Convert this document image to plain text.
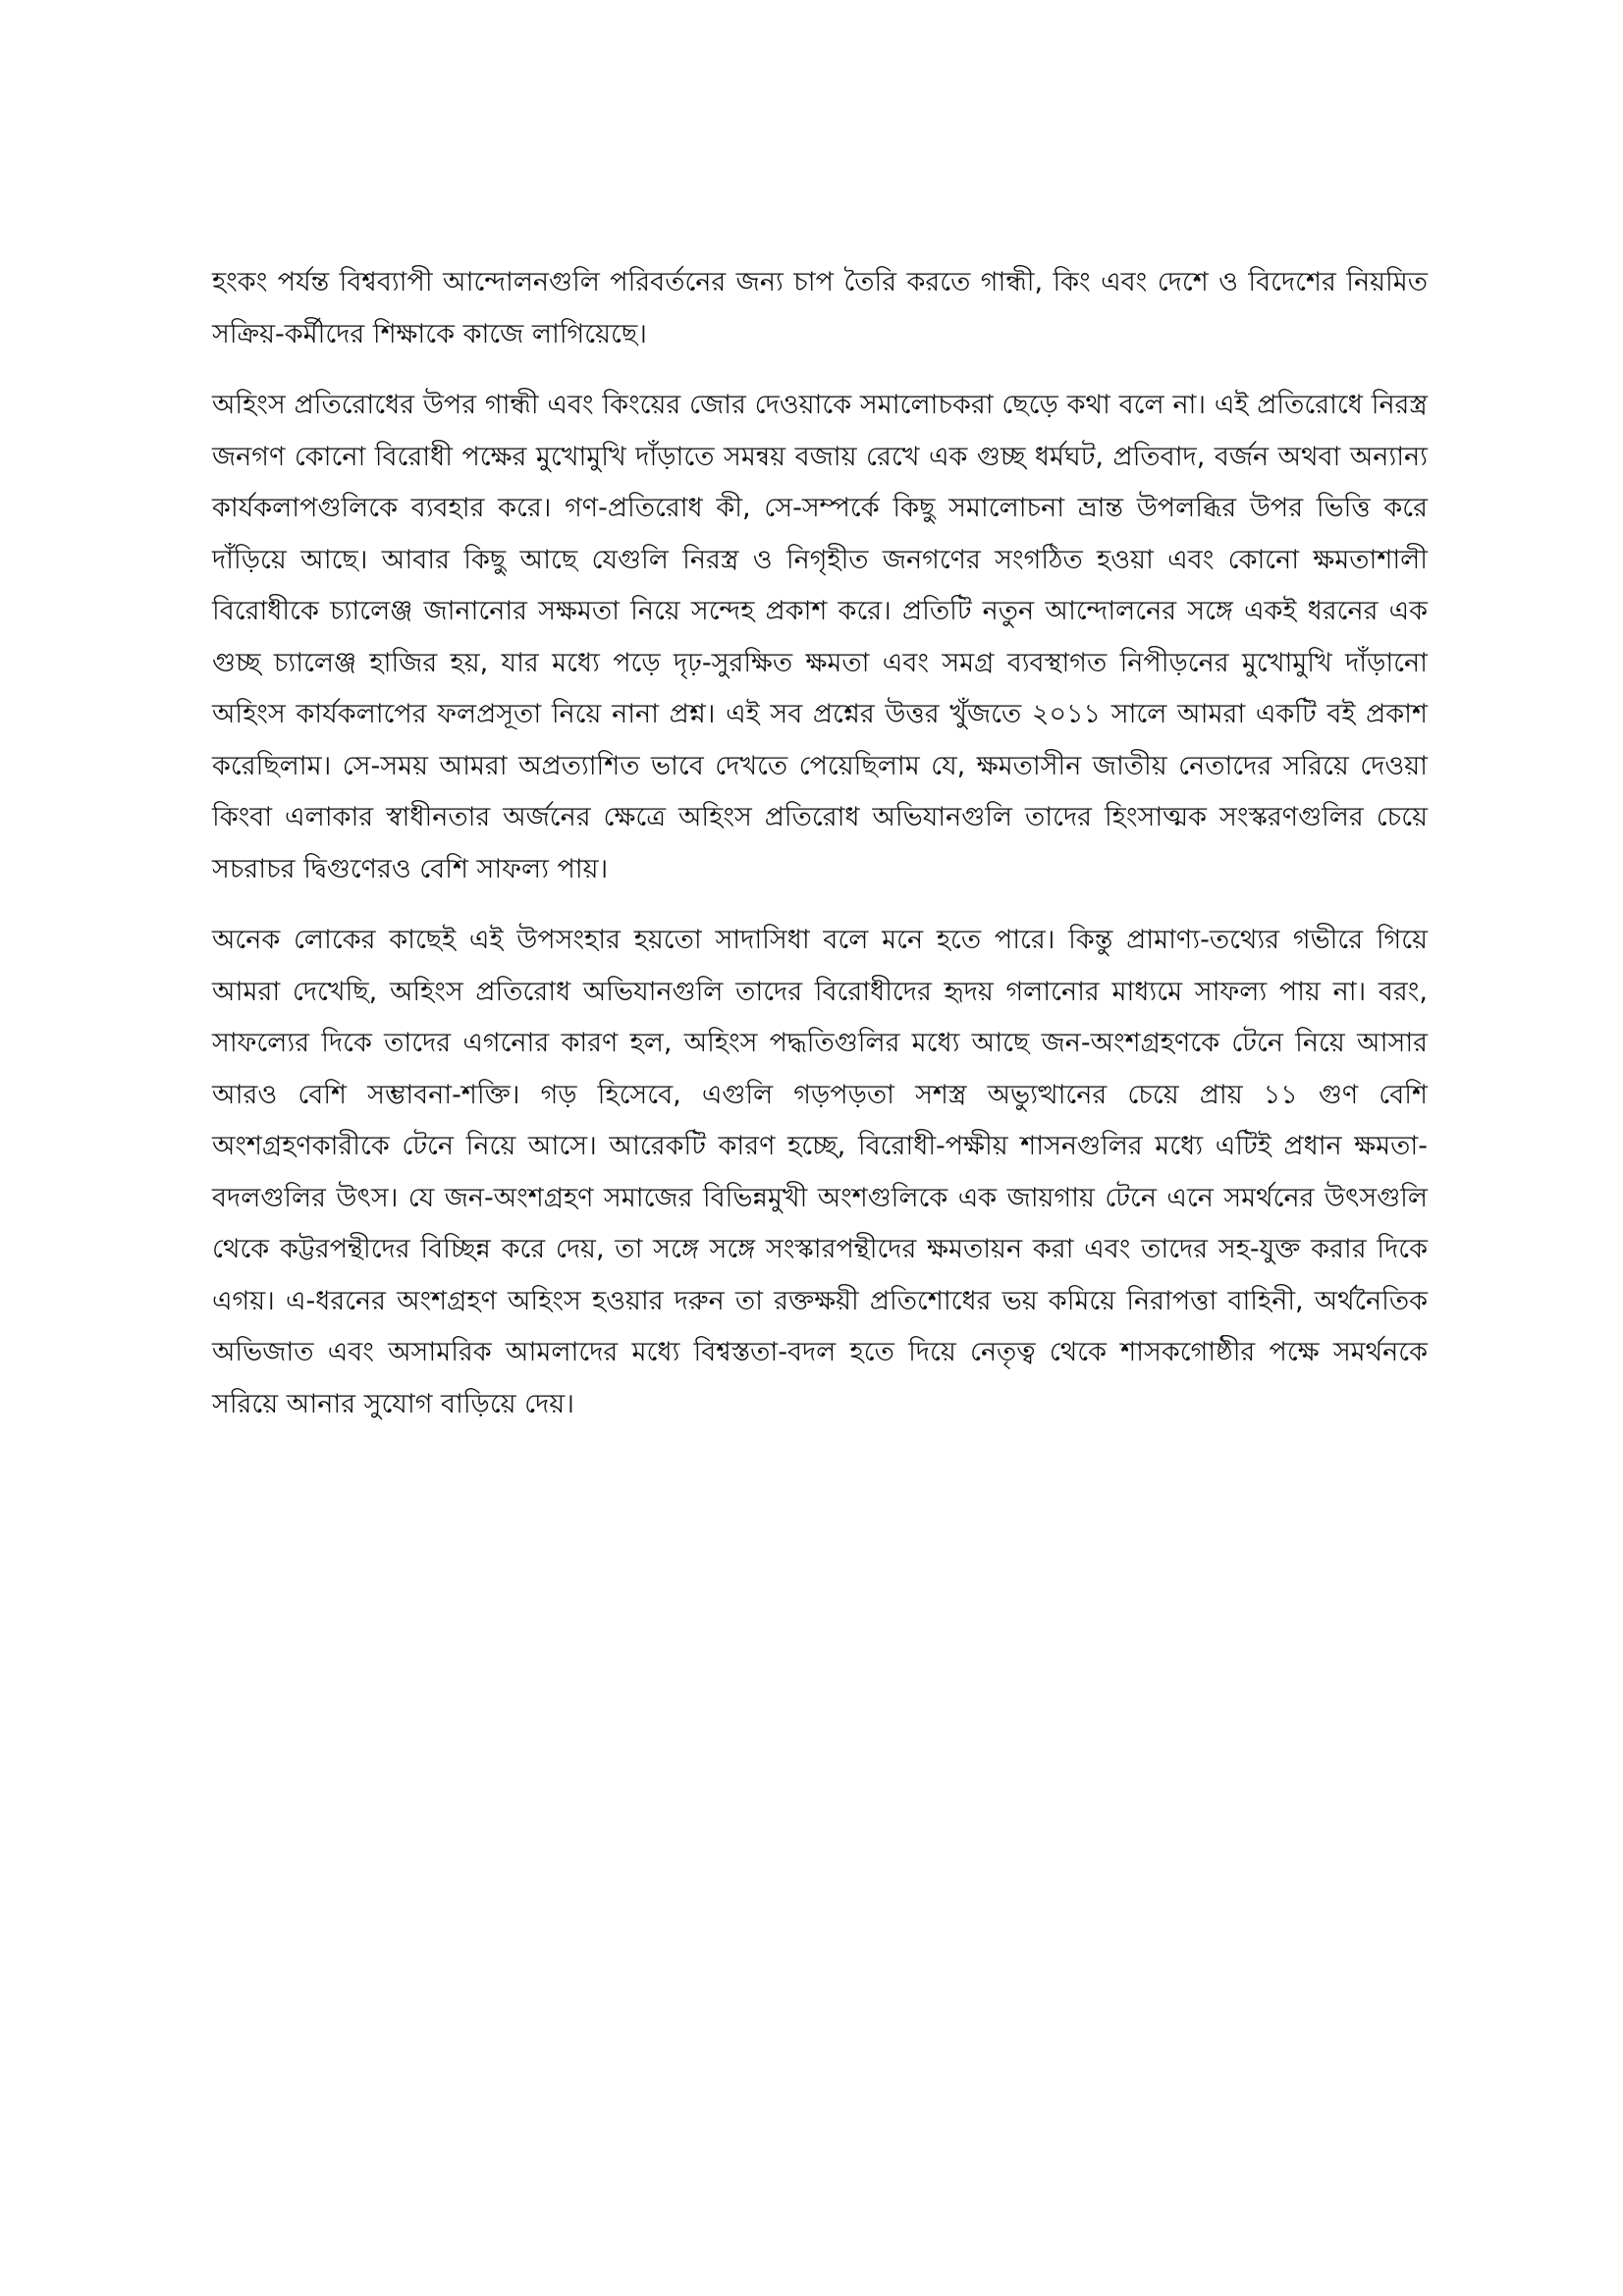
হংকং পর্যন্ত বিশ্বব্যাপী আন্দোলনগুলি পরিবর্তনের জন্য চাপ তৈরি করতে গান্ধী, কিং এবং দেশে ও বিদেশের নিয়মিত সক্রিয়-কর্মীদের শিক্ষাকে কাজে লাগিয়েছে।

অহিংস প্রতিরোধের উপর গান্ধী এবং কিংয়ের জোর দেওয়াকে সমালোচকরা ছেড়ে কথা বলে না। এই প্রতিরোধে নিরস্ত্র জনগণ কোনো বিরোধী পক্ষের মুখোমুখি দাঁড়াতে সমন্বয় বজায় রেখে এক গুচ্ছ ধর্মঘট, প্রতিবাদ, বর্জন অথবা অন্যান্য কার্যকলাপগুলিকে ব্যবহার করে। গণ-প্রতিরোধ কী, সে-সম্পর্কে কিছু সমালোচনা ভ্রান্ত উপলব্ধির উপর ভিত্তি করে দাঁড়িয়ে আছে। আবার কিছু আছে যেগুলি নিরস্ত্র ও নিগৃহীত জনগণের সংগঠিত হওয়া এবং কোনো ক্ষমতাশালী বিরোধীকে চ্যালেঞ্জ জানানোর সক্ষমতা নিয়ে সন্দেহ প্রকাশ করে। প্রতিটি নতুন আন্দোলনের সঙ্গে একই ধরনের এক গুচ্ছ চ্যালেঞ্জ হাজির হয়, যার মধ্যে পড়ে দৃঢ়-সুরক্ষিত ক্ষমতা এবং সমগ্র ব্যবস্থাগত নিপীড়নের মুখোমুখি দাঁড়ানো অহিংস কার্যকলাপের ফলপ্রসূতা নিয়ে নানা প্রশ্ন। এই সব প্রশ্নের উত্তর খুঁজতে ২০১১ সালে আমরা একটি বই প্রকাশ করেছিলাম। সে-সময় আমরা অপ্রত্যাশিত ভাবে দেখতে পেয়েছিলাম যে, ক্ষমতাসীন জাতীয় নেতাদের সরিয়ে দেওয়া কিংবা এলাকার স্বাধীনতার অর্জনের ক্ষেত্রে অহিংস প্রতিরোধ অভিযানগুলি তাদের হিংসাত্মক সংস্করণগুলির চেয়ে সচরাচর দ্বিগুণেরও বেশি সাফল্য পায়।

অনেক লোকের কাছেই এই উপসংহার হয়তো সাদাসিধা বলে মনে হতে পারে। কিন্তু প্রামাণ্য-তথ্যের গভীরে গিয়ে আমরা দেখেছি, অহিংস প্রতিরোধ অভিযানগুলি তাদের বিরোধীদের হৃদয় গলানোর মাধ্যমে সাফল্য পায় না। বরং, সাফল্যের দিকে তাদের এগনোর কারণ হল, অহিংস পদ্ধতিগুলির মধ্যে আছে জন-অংশগ্রহণকে টেনে নিয়ে আসার আরও বেশি সম্ভাবনা-শক্তি। গড় হিসেবে, এগুলি গড়পড়তা সশস্ত্র অভ্যুত্থানের চেয়ে প্রায় ১১ গুণ বেশি অংশগ্রহণকারীকে টেনে নিয়ে আসে। আরেকটি কারণ হচ্ছে, বিরোধী-পক্ষীয় শাসনগুলির মধ্যে এটিই প্রধান ক্ষমতা-বদলগুলির উৎস। যে জন-অংশগ্রহণ সমাজের বিভিন্নমুখী অংশগুলিকে এক জায়গায় টেনে এনে সমর্থনের উৎসগুলি থেকে কট্টরপন্থীদের বিচ্ছিন্ন করে দেয়, তা সঙ্গে সঙ্গে সংস্কারপন্থীদের ক্ষমতায়ন করা এবং তাদের সহ-যুক্ত করার দিকে এগয়। এ-ধরনের অংশগ্রহণ অহিংস হওয়ার দরুন তা রক্তক্ষয়ী প্রতিশোধের ভয় কমিয়ে নিরাপত্তা বাহিনী, অর্থনৈতিক অভিজাত এবং অসামরিক আমলাদের মধ্যে বিশ্বস্ততা-বদল হতে দিয়ে নেতৃত্ব থেকে শাসকগোষ্ঠীর পক্ষে সমর্থনকে সরিয়ে আনার সুযোগ বাড়িয়ে দেয়।
